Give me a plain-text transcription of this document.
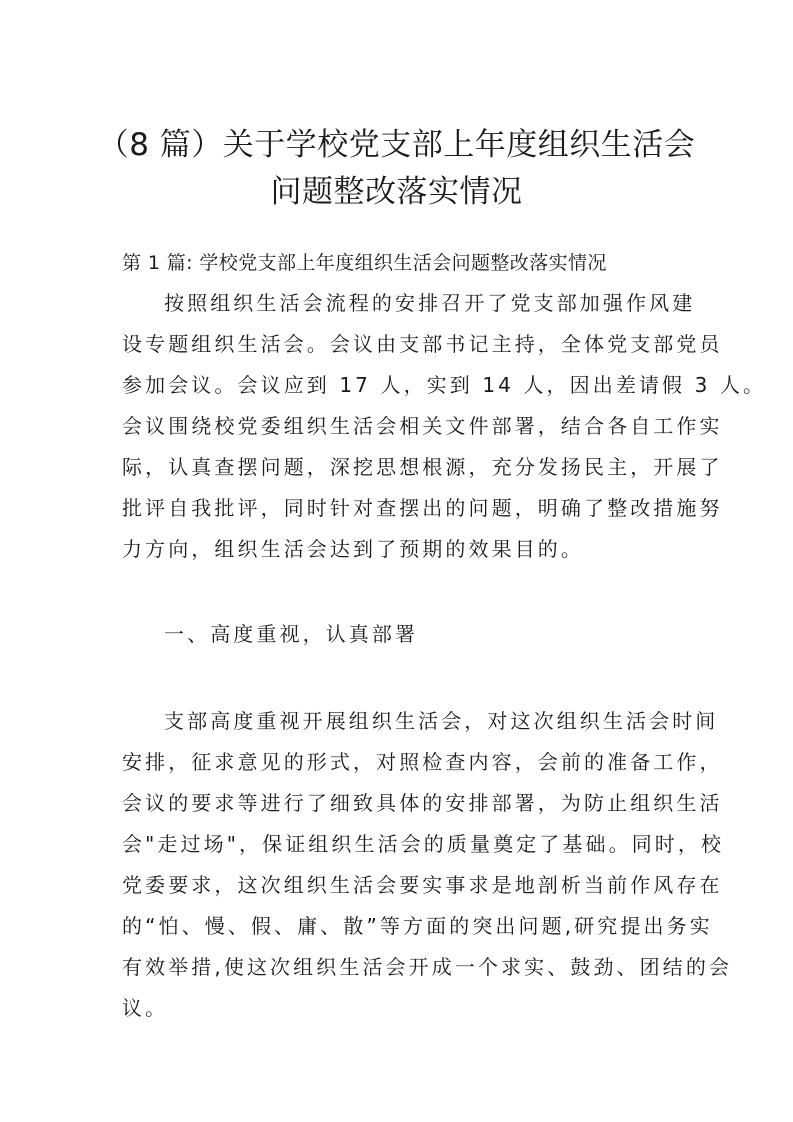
（8 篇）关于学校党支部上年度组织生活会
问题整改落实情况
第 1 篇: 学校党支部上年度组织生活会问题整改落实情况
按照组织生活会流程的安排召开了党支部加强作风建
设专题组织生活会。会议由支部书记主持，全体党支部党员
参加会议。会议应到 17 人，实到 14 人，因出差请假 3 人。
会议围绕校党委组织生活会相关文件部署，结合各自工作实
际，认真查摆问题，深挖思想根源，充分发扬民主，开展了
批评自我批评，同时针对查摆出的问题，明确了整改措施努
力方向，组织生活会达到了预期的效果目的。
一、高度重视，认真部署
支部高度重视开展组织生活会，对这次组织生活会时间
安排，征求意见的形式，对照检查内容，会前的准备工作，
会议的要求等进行了细致具体的安排部署，为防止组织生活
会"走过场"，保证组织生活会的质量奠定了基础。同时，校
党委要求，这次组织生活会要实事求是地剖析当前作风存在
的“怕、慢、假、庸、散”等方面的突出问题,研究提出务实
有效举措,使这次组织生活会开成一个求实、鼓劲、团结的会
议。
